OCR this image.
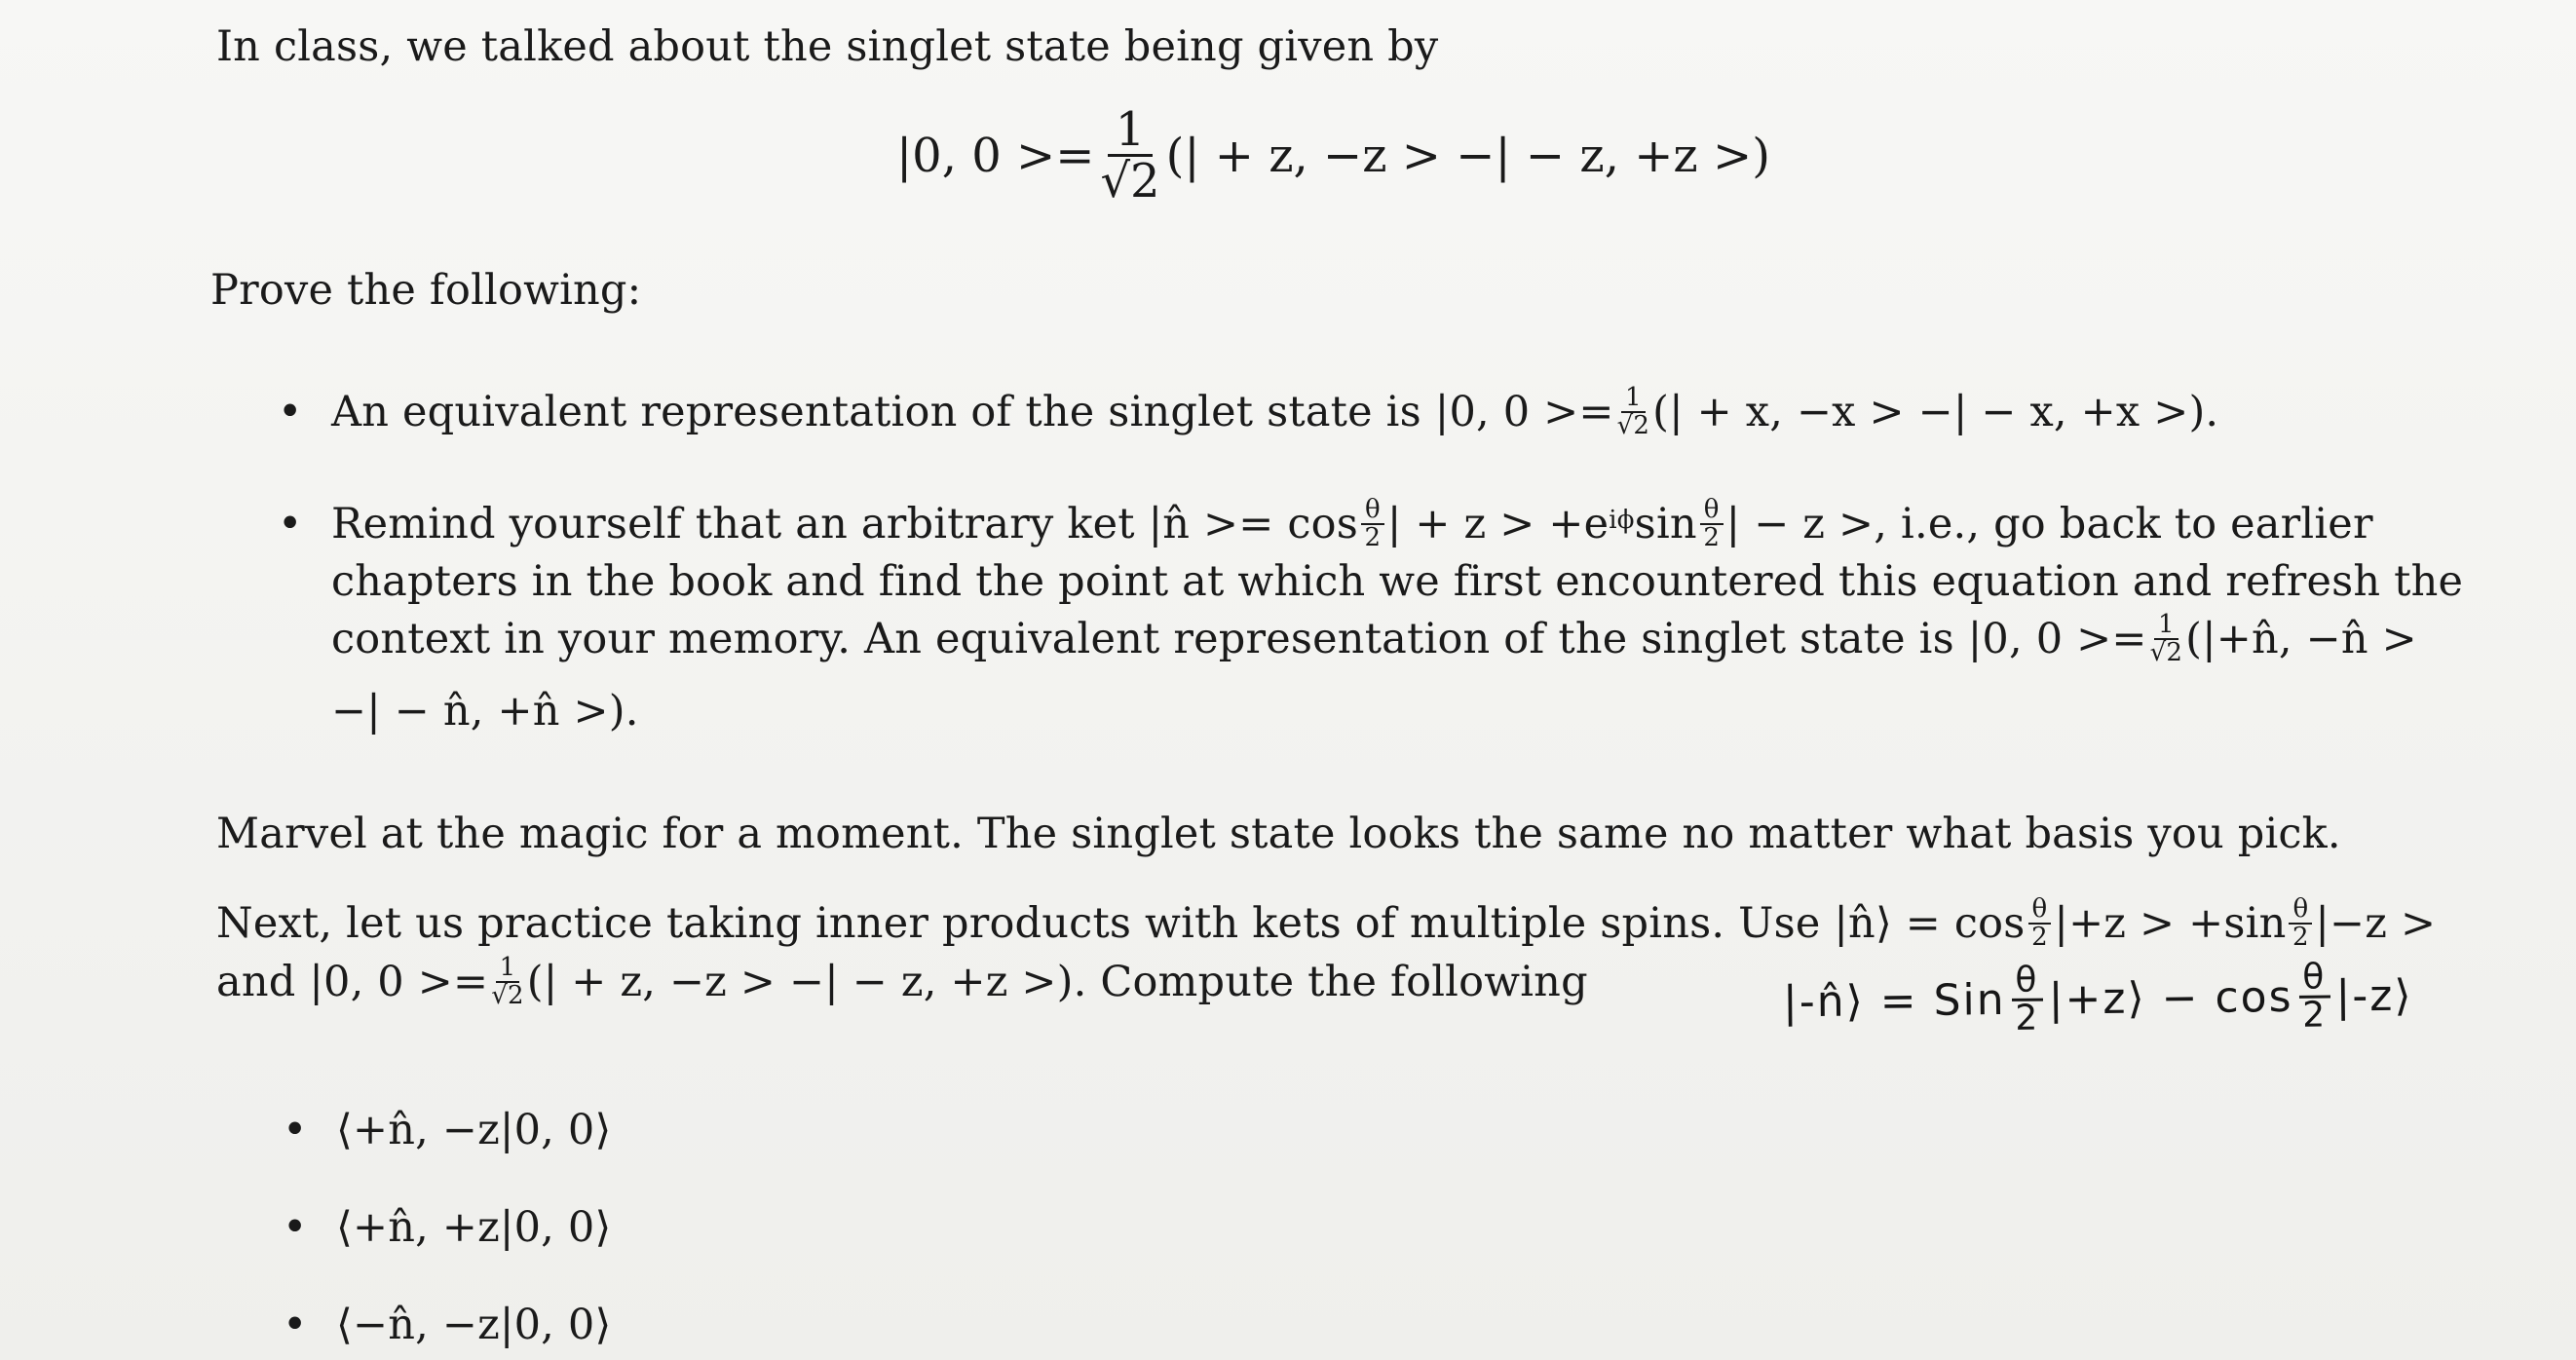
In class, we talked about the singlet state being given by
|0, $0 >= \frac{1}{√2}$ (| + z, −z > −| − z, +z >)
Prove the following:
• An equivalent representation of the singlet state is |0, $0 >= \frac{1}{√2}$ (| + x, −x > −| − x, +x >).
• Remind yourself that an arbitrary ket |n̂ >= $\cos \frac{\theta}{2}$ | + $z > +e^{i\phi}$ $\sin \frac{\theta}{2}$ | − z >, i.e., go back to earlier
chapters in the book and find the point at which we first encountered this equation and refresh the
context in your memory. An equivalent representation of the singlet state is |0, $0 >= \frac{1}{√2}$ (|+n̂, −n̂ >
−| − n̂, +n̂ >).
Marvel at the magic for a moment. The singlet state looks the same no matter what basis you pick.
Next, let us practice taking inner products with kets of multiple spins. Use |n̂⟩ = $\cos \frac{\theta}{2} |+z > +\sin \frac{\theta}{2} |-z$ >
and |0, $0 >= \frac{1}{√2}$ (| + z, −z > −| − z, +z >). Compute the following	|-n̂⟩ = Sin $\frac{\theta}{2}$ |+z⟩ − $\cos \frac{\theta}{2}$ |-z⟩
• ⟨+n̂, −z|0, 0⟩
• ⟨+n̂, +z|0, 0⟩
• ⟨−n̂, −z|0, 0⟩
